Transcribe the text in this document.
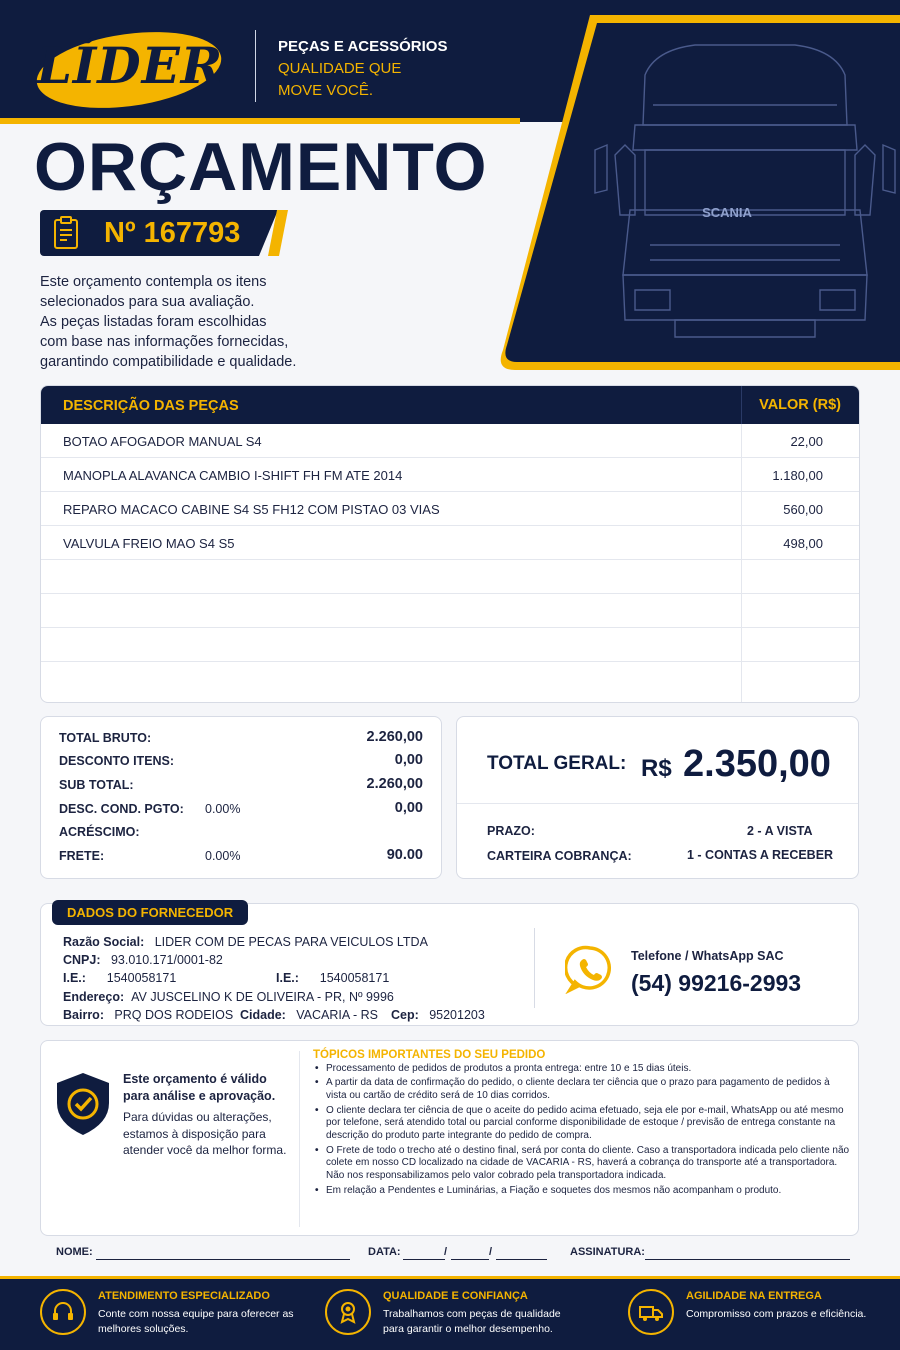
LÍDER	PEÇAS E ACESSÓRIOS
QUALIDADE QUE
MOVE VOCÊ.
SCANIA
ORÇAMENTO
Nº 167793
Este orçamento contempla os itens
selecionados para sua avaliação.
As peças listadas foram escolhidas
com base nas informações fornecidas,
garantindo compatibilidade e qualidade.
DESCRIÇÃO DAS PEÇAS	VALOR (R$)
BOTAO AFOGADOR MANUAL S4	22,00
MANOPLA ALAVANCA CAMBIO I-SHIFT FH FM ATE 2014	1.180,00
REPARO MACACO CABINE S4 S5 FH12 COM PISTAO 03 VIAS	560,00
VALVULA FREIO MAO S4 S5	498,00
TOTAL BRUTO:	2.260,00
DESCONTO ITENS:	0,00
SUB TOTAL:	2.260,00
DESC. COND. PGTO: 0.00%	0,00
ACRÉSCIMO:
FRETE:	0.00%	90.00
TOTAL GERAL: R$ 2.350,00
PRAZO:	2 - A VISTA
CARTEIRA COBRANÇA:	1 - CONTAS A RECEBER
Razão Social: LIDER COM DE PECAS PARA VEICULOS LTDA
CNPJ: 93.010.171/0001-82
I.E.: 1540058171	I.E.: 1540058171
Endereço: AV JUSCELINO K DE OLIVEIRA - PR, Nº 9996
Bairro: PRQ DOS RODEIOS Cidade: VACARIA - RS Cep: 95201203
Telefone / WhatsApp SAC
(54) 99216-2993
DADOS DO FORNECEDOR
Este orçamento é válido para análise e aprovação.
Para dúvidas ou alterações, estamos à disposição para atender você da melhor forma.
TÓPICOS IMPORTANTES DO SEU PEDIDO
• Processamento de pedidos de produtos a pronta entrega: entre 10 e 15 dias úteis.
• A partir da data de confirmação do pedido, o cliente declara ter ciência que o prazo para pagamento de pedidos à vista ou cartão de crédito será de 10 dias corridos.
• O cliente declara ter ciência de que o aceite do pedido acima efetuado, seja ele por e-mail, WhatsApp ou até mesmo por telefone, será atendido total ou parcial conforme disponibilidade de estoque / previsão de entrega constante na descrição do produto parte integrante do pedido de compra.
• O Frete de todo o trecho até o destino final, será por conta do cliente. Caso a transportadora indicada pelo cliente não colete em nosso CD localizado na cidade de VACARIA - RS, haverá a cobrança do transporte até a transportadora. Não nos responsabilizamos pelo valor cobrado pela transportadora indicada.
• Em relação a Pendentes e Luminárias, a Fiação e soquetes dos mesmos não acompanham o produto.
NOME:	DATA:	/	/	ASSINATURA:
ATENDIMENTO ESPECIALIZADO
Conte com nossa equipe para oferecer as melhores soluções.
QUALIDADE E CONFIANÇA
Trabalhamos com peças de qualidade para garantir o melhor desempenho.
AGILIDADE NA ENTREGA
Compromisso com prazos e eficiência.
